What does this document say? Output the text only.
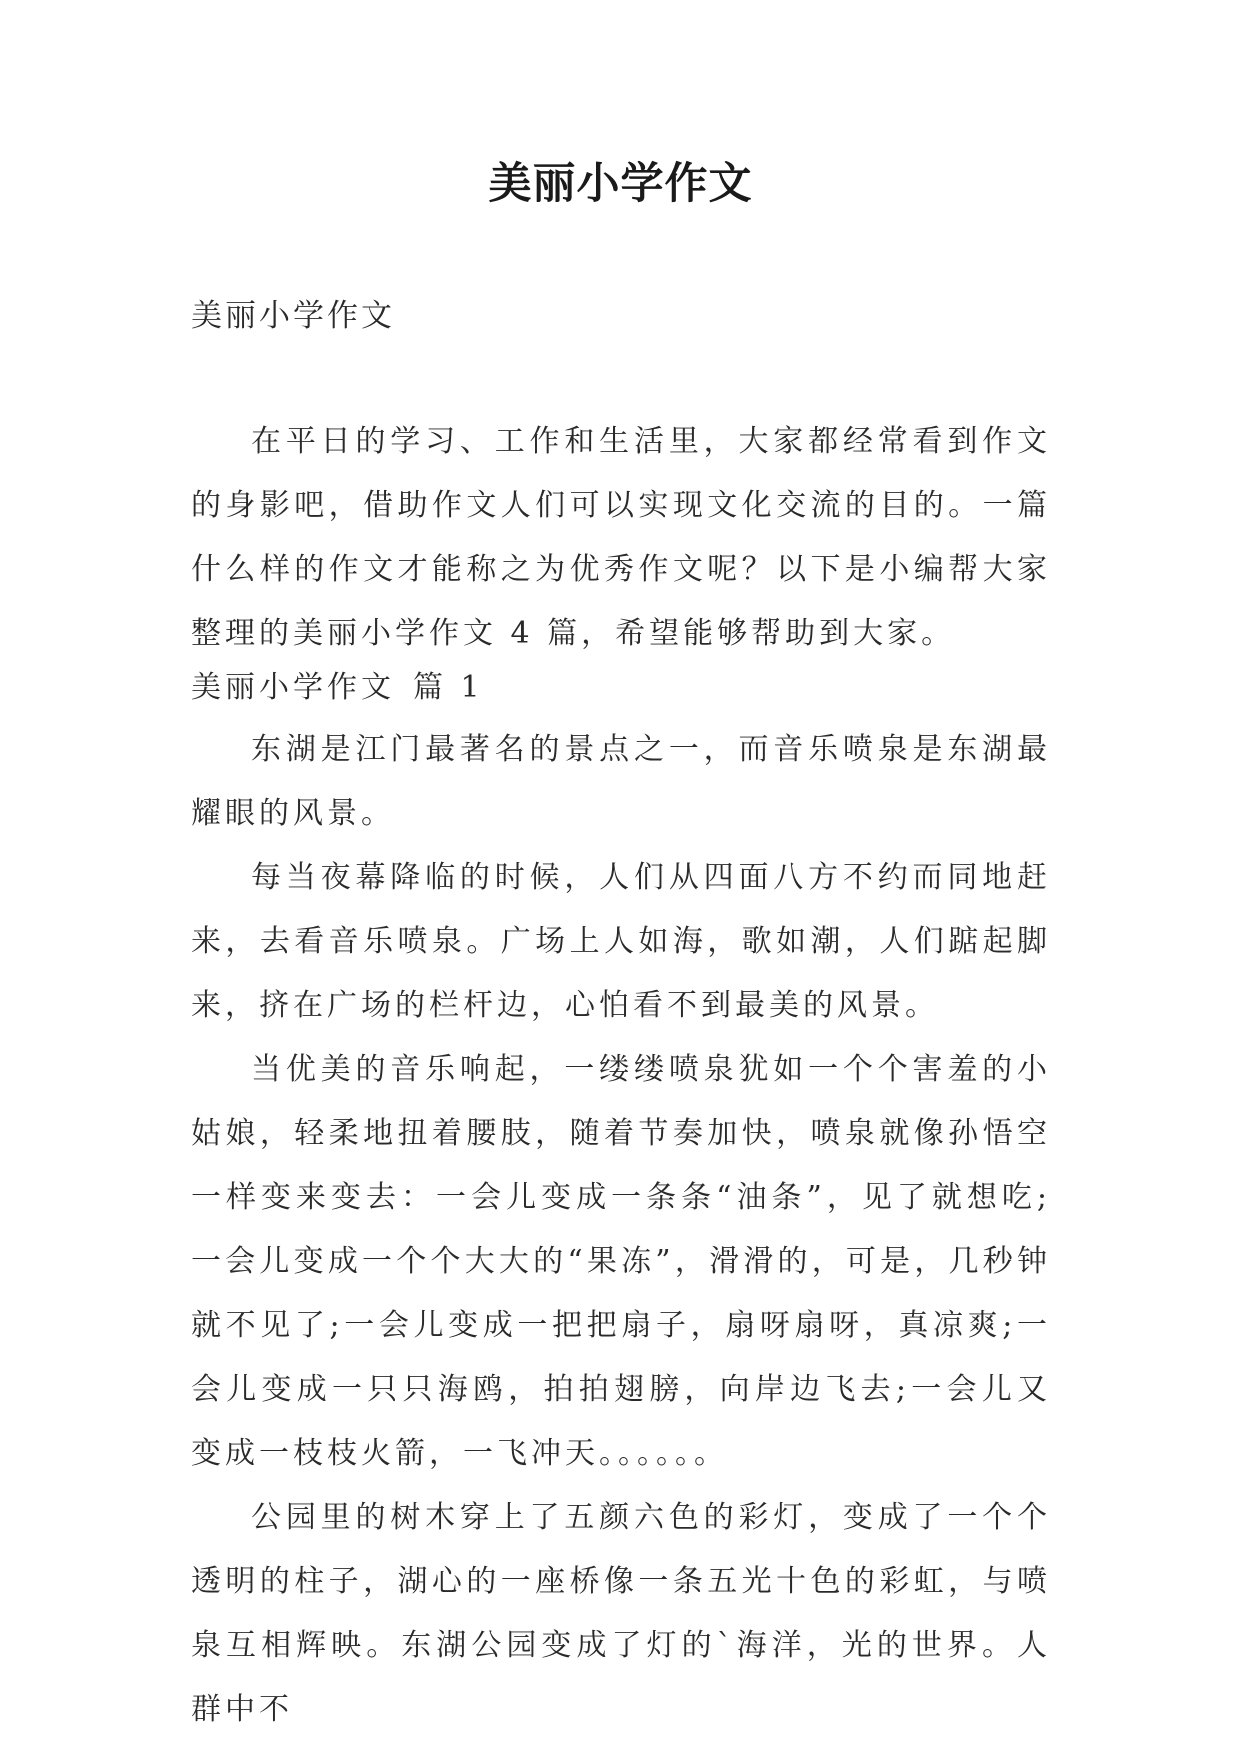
美丽小学作文
美丽小学作文

在平日的学习、工作和生活里，大家都经常看到作文的身影吧，借助作文人们可以实现文化交流的目的。一篇什么样的作文才能称之为优秀作文呢？以下是小编帮大家整理的美丽小学作文 4 篇，希望能够帮助到大家。

美丽小学作文 篇 1

东湖是江门最著名的景点之一，而音乐喷泉是东湖最耀眼的风景。

每当夜幕降临的时候，人们从四面八方不约而同地赶来，去看音乐喷泉。广场上人如海，歌如潮，人们踮起脚来，挤在广场的栏杆边，心怕看不到最美的风景。

当优美的音乐响起，一缕缕喷泉犹如一个个害羞的小姑娘，轻柔地扭着腰肢，随着节奏加快，喷泉就像孙悟空一样变来变去：一会儿变成一条条“油条”，见了就想吃;一会儿变成一个个大大的“果冻”，滑滑的，可是，几秒钟就不见了;一会儿变成一把把扇子，扇呀扇呀，真凉爽;一会儿变成一只只海鸥，拍拍翅膀，向岸边飞去;一会儿又变成一枝枝火箭，一飞冲天。。。。。。

公园里的树木穿上了五颜六色的彩灯，变成了一个个透明的柱子，湖心的一座桥像一条五光十色的彩虹，与喷泉互相辉映。东湖公园变成了灯的`海洋，光的世界。人群中不
